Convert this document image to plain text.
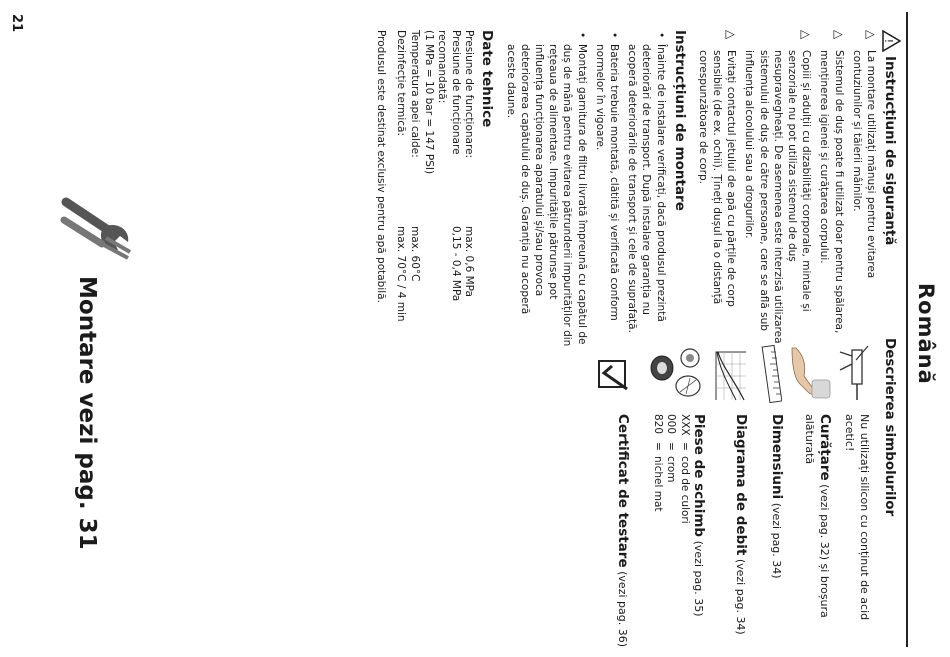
Română
!
Instrucțiuni de siguranță
△
La montare utilizați mănuși pentru evitarea contuziunilor și tăierii mâinilor.
△
Sistemul de duș poate fi utilizat doar pentru spălarea, menținerea igienei și curățarea corpului.
△
Copiii și adulții cu dizabilități corporale, mintale și senzoriale nu pot utiliza sistemul de duș nesupravegheați. De asemenea este interzisă utilizarea sistemului de duș de către persoane, care se află sub influența alcoolului sau a drogurilor.
△
Evitați contactul jetului de apă cu părțile de corp sensibile (de ex. ochii). Țineți dușul la o distanță corespunzătoare de corp.
Instrucțiuni de montare
• Înainte de instalare verificați, dacă produsul prezintă deteriorări de transport. După instalare garanția nu acoperă deteriorările de transport și cele de suprafață.
• Bateria trebuie montată, clătită și verificată conform normelor în vigoare.
• Montați garnitura de filtru livrată împreună cu capătul de duș de mână pentru evitarea pătrunderii impurităților din rețeaua de alimentare. Impuritățile pătrunse pot influența funcționarea aparatului și/sau provoca deteriorarea capătului de duș. Garanția nu acoperă aceste daune.
Date tehnice
Presiune de funcționare:
max. 0,6 MPa
Presiune de funcționare recomandată:
0,15 - 0,4 MPa
(1 MPa = 10 bar = 147 PSI)
Temperatura apei calde:
max. 60°C
Dezinfecție termică:
max. 70°C / 4 min
Produsul este destinat exclusiv pentru apă potabilă.
Descrierea simbolurilor
Nu utilizați silicon cu conținut de acid acetic!
Curățare (vezi pag. 32) și broșura alăturată
Dimensiuni (vezi pag. 34)
Diagrama de debit (vezi pag. 34)
Piese de schimb (vezi pag. 35)
XXX
=
cod de culori
000
=
crom
820
=
nichel mat
Certificat de testare (vezi pag. 36)
Montare vezi pag. 31
21
